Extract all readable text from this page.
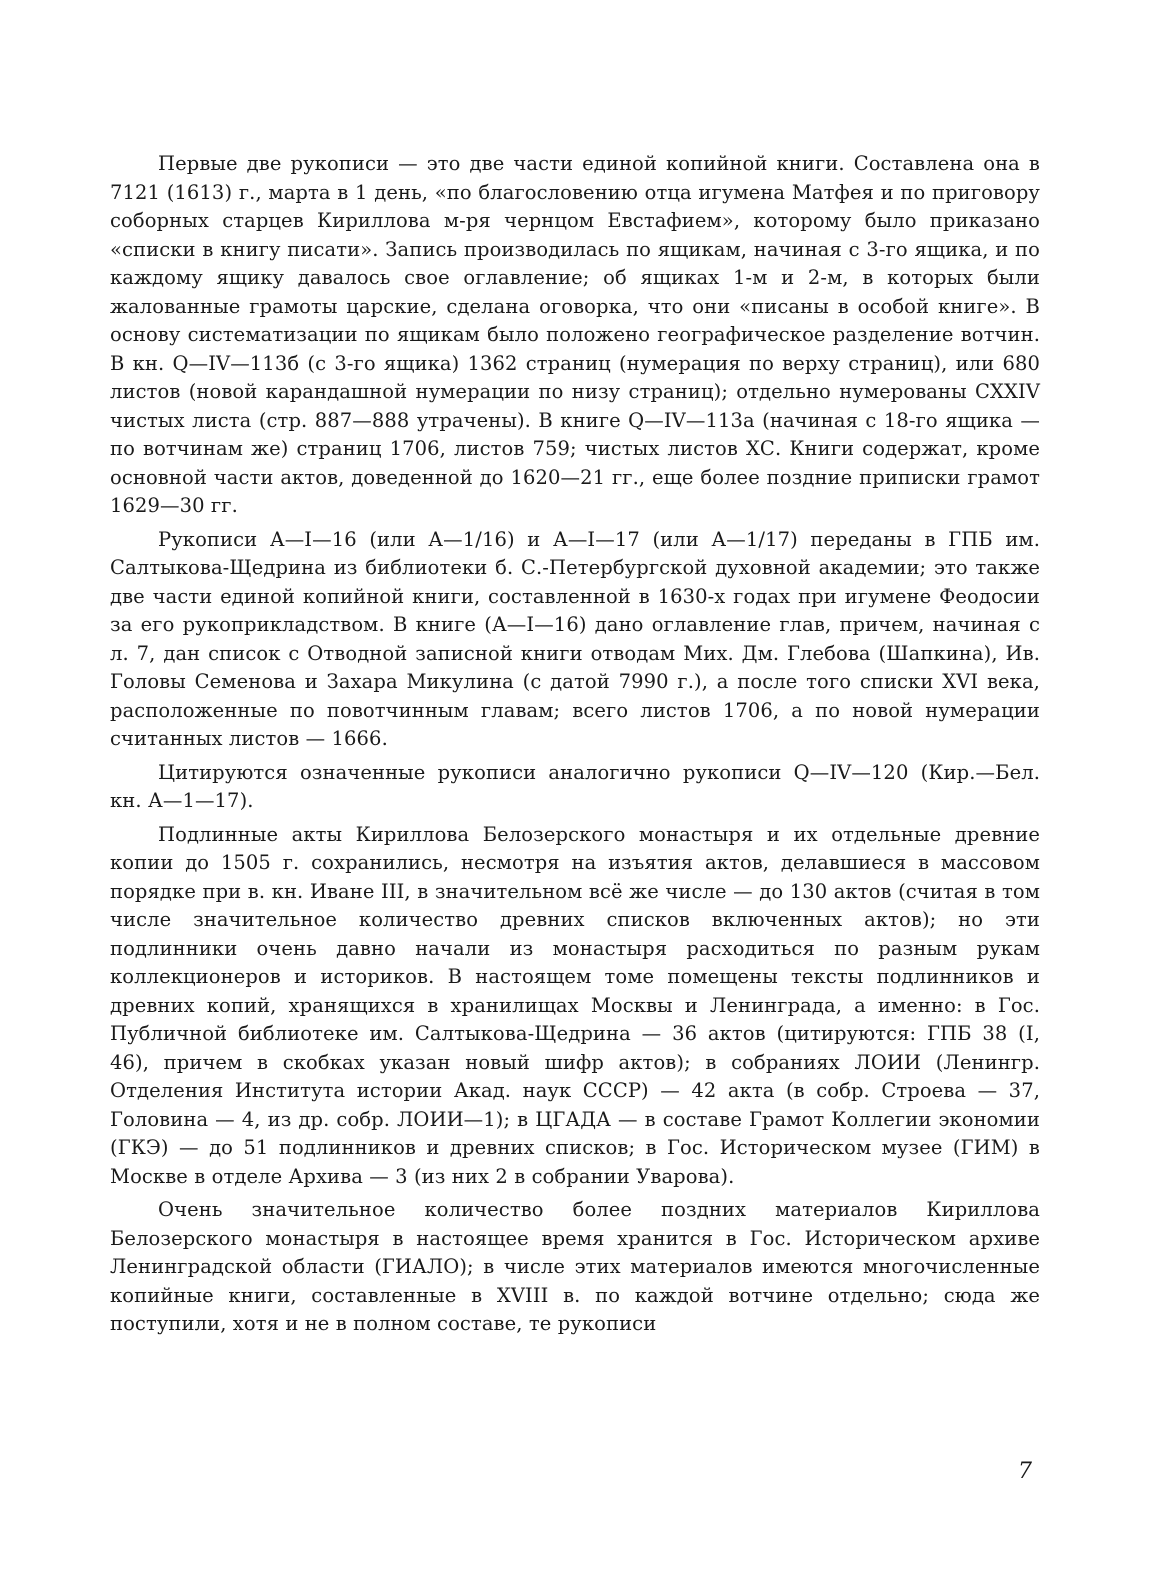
Первые две рукописи — это две части единой копийной книги. Составлена она в 7121 (1613) г., марта в 1 день, «по благословению отца игумена Матфея и по приговору соборных старцев Кириллова м-ря чернцом Евстафием», которому было приказано «списки в книгу писати». Запись производилась по ящикам, начиная с 3-го ящика, и по каждому ящику давалось свое оглавление; об ящиках 1-м и 2-м, в которых были жалованные грамоты царские, сделана оговорка, что они «писаны в особой книге». В основу систематизации по ящикам было положено географическое разделение вотчин. В кн. Q—IV—113б (с 3-го ящика) 1362 страниц (нумерация по верху страниц), или 680 листов (новой карандашной нумерации по низу страниц); отдельно нумерованы CXXIV чистых листа (стр. 887—888 утрачены). В книге Q—IV—113а (начиная с 18-го ящика — по вотчинам же) страниц 1706, листов 759; чистых листов ХС. Книги содержат, кроме основной части актов, доведенной до 1620—21 гг., еще более поздние приписки грамот 1629—30 гг.

Рукописи А—I—16 (или А—1/16) и А—I—17 (или А—1/17) переданы в ГПБ им. Салтыкова-Щедрина из библиотеки б. С.-Петербургской духовной академии; это также две части единой копийной книги, составленной в 1630-х годах при игумене Феодосии за его рукоприкладством. В книге (А—I—16) дано оглавление глав, причем, начиная с л. 7, дан список с Отводной записной книги отводам Мих. Дм. Глебова (Шапкина), Ив. Головы Семенова и Захара Микулина (с датой 7990 г.), а после того списки XVI века, расположенные по повотчинным главам; всего листов 1706, а по новой нумерации считанных листов — 1666.

Цитируются означенные рукописи аналогично рукописи Q—IV—120 (Кир.—Бел. кн. А—1—17).

Подлинные акты Кириллова Белозерского монастыря и их отдельные древние копии до 1505 г. сохранились, несмотря на изъятия актов, делавшиеся в массовом порядке при в. кн. Иване III, в значительном всё же числе — до 130 актов (считая в том числе значительное количество древних списков включенных актов); но эти подлинники очень давно начали из монастыря расходиться по разным рукам коллекционеров и историков. В настоящем томе помещены тексты подлинников и древних копий, хранящихся в хранилищах Москвы и Ленинграда, а именно: в Гос. Публичной библиотеке им. Салтыкова-Щедрина — 36 актов (цитируются: ГПБ 38 (I, 46), причем в скобках указан новый шифр актов); в собраниях ЛОИИ (Ленингр. Отделения Института истории Акад. наук СССР) — 42 акта (в собр. Строева — 37, Головина — 4, из др. собр. ЛОИИ—1); в ЦГАДА — в составе Грамот Коллегии экономии (ГКЭ) — до 51 подлинников и древних списков; в Гос. Историческом музее (ГИМ) в Москве в отделе Архива — 3 (из них 2 в собрании Уварова).

Очень значительное количество более поздних материалов Кириллова Белозерского монастыря в настоящее время хранится в Гос. Историческом архиве Ленинградской области (ГИАЛО); в числе этих материалов имеются многочисленные копийные книги, составленные в XVIII в. по каждой вотчине отдельно; сюда же поступили, хотя и не в полном составе, те рукописи

7
